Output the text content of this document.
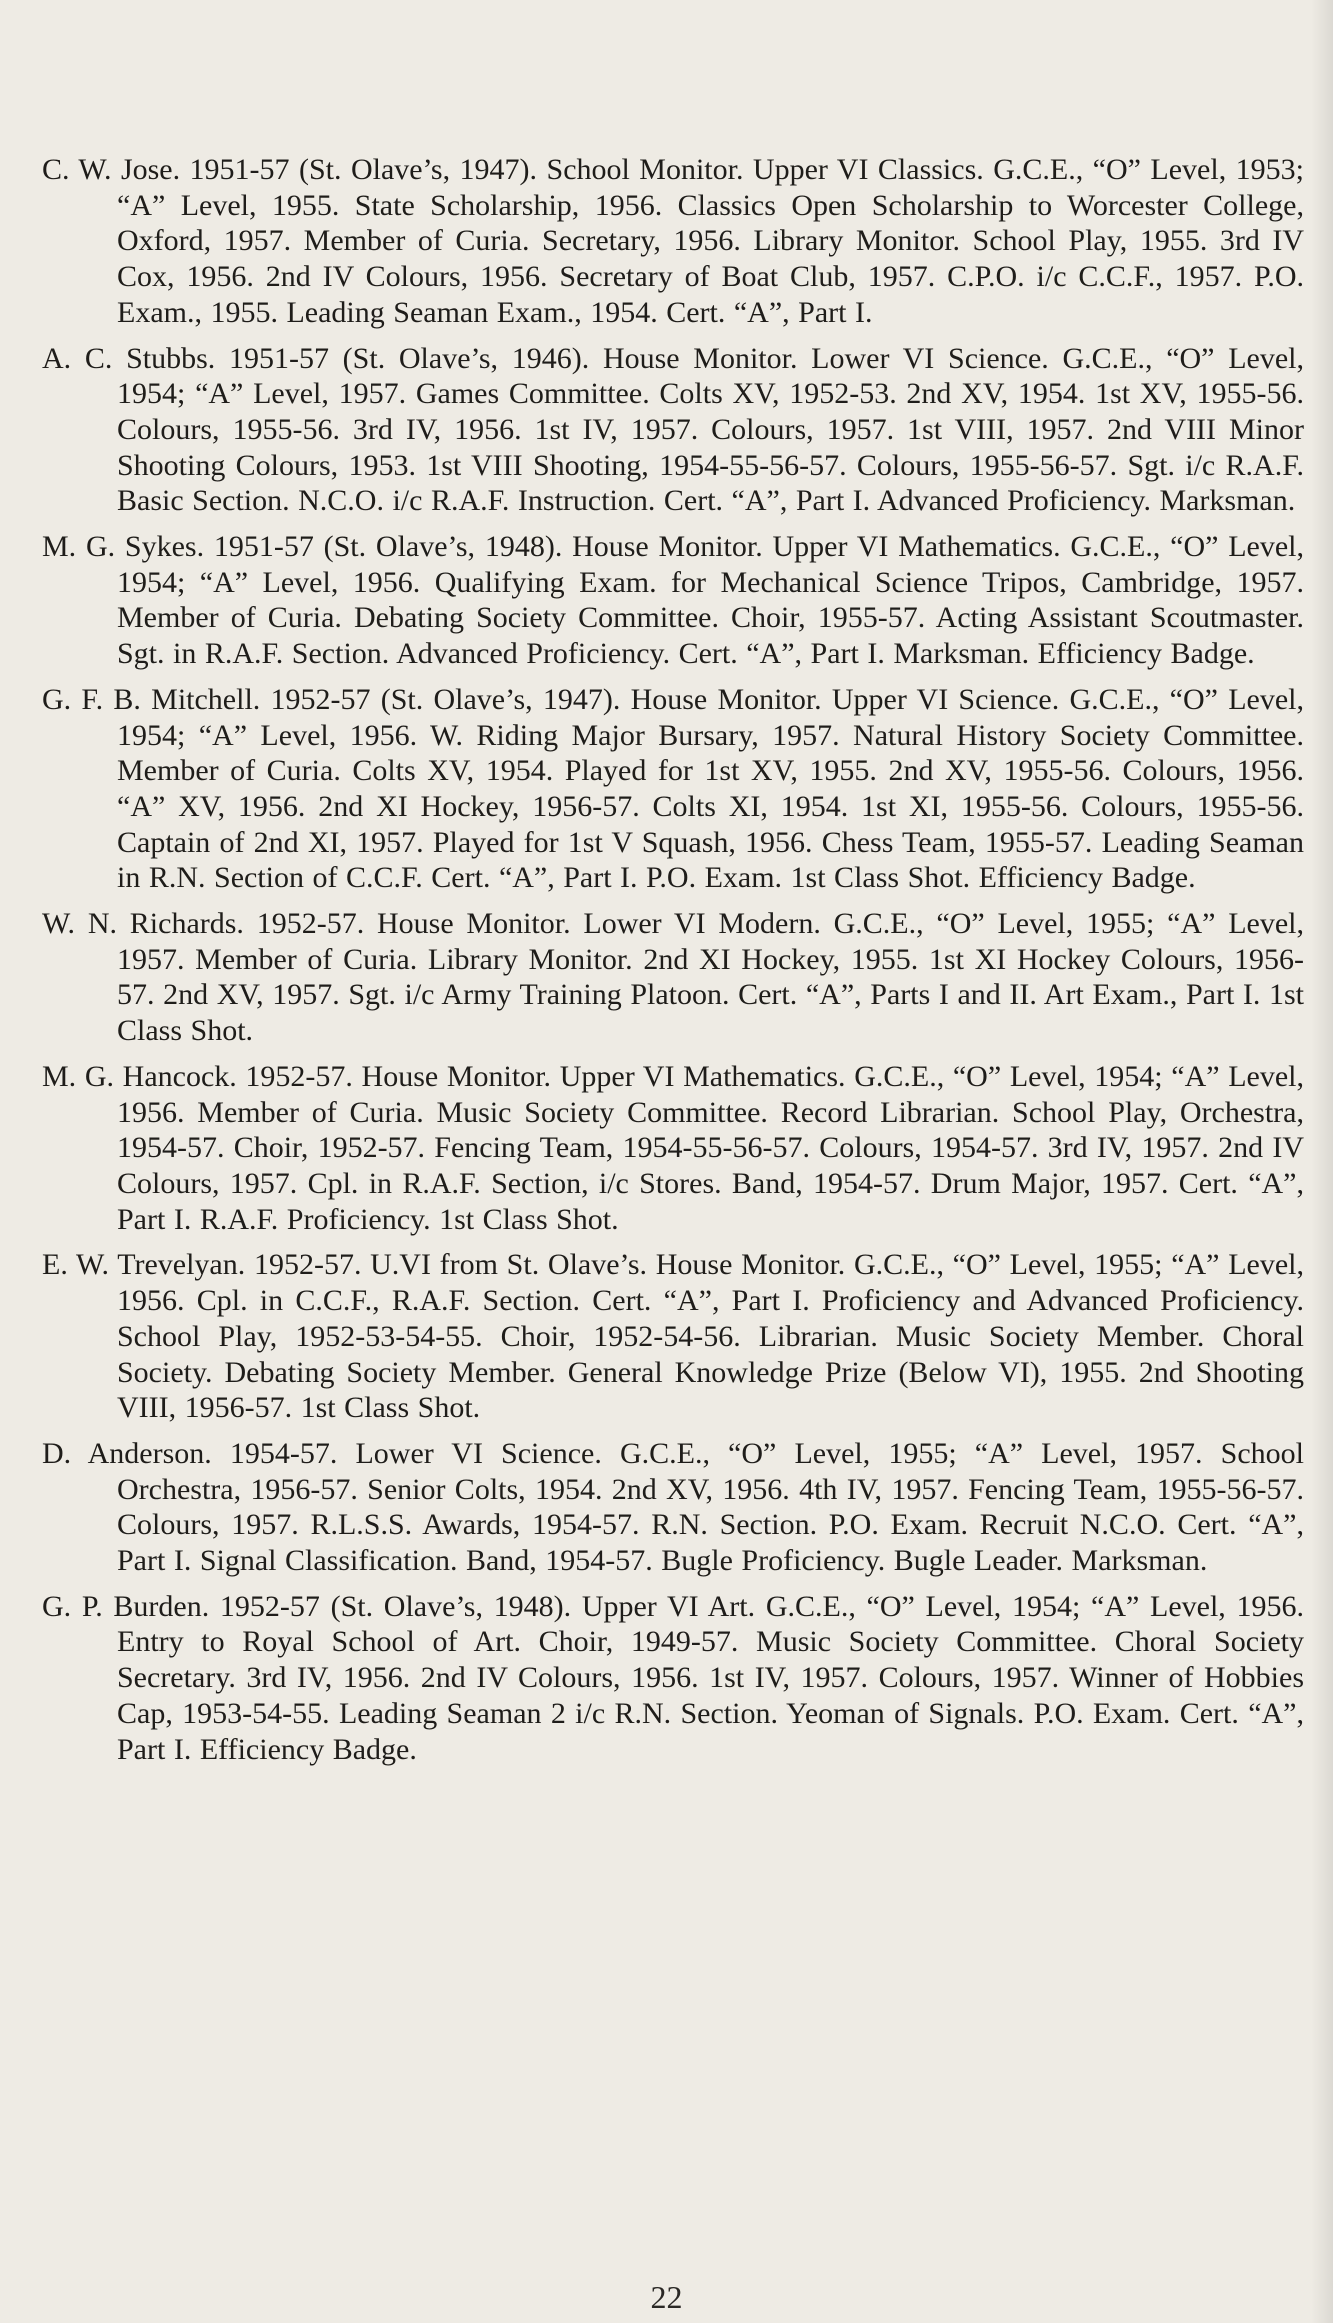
C. W. Jose. 1951-57 (St. Olave’s, 1947). School Monitor. Upper VI Classics. G.C.E., “O” Level, 1953; “A” Level, 1955. State Scholarship, 1956. Classics Open Scholarship to Worcester College, Oxford, 1957. Member of Curia. Secretary, 1956. Library Monitor. School Play, 1955. 3rd IV Cox, 1956. 2nd IV Colours, 1956. Secretary of Boat Club, 1957. C.P.O. i/c C.C.F., 1957. P.O. Exam., 1955. Leading Seaman Exam., 1954. Cert. “A”, Part I.

A. C. Stubbs. 1951-57 (St. Olave’s, 1946). House Monitor. Lower VI Science. G.C.E., “O” Level, 1954; “A” Level, 1957. Games Committee. Colts XV, 1952-53. 2nd XV, 1954. 1st XV, 1955-56. Colours, 1955-56. 3rd IV, 1956. 1st IV, 1957. Colours, 1957. 1st VIII, 1957. 2nd VIII Minor Shooting Colours, 1953. 1st VIII Shooting, 1954-55-56-57. Colours, 1955-56-57. Sgt. i/c R.A.F. Basic Section. N.C.O. i/c R.A.F. Instruction. Cert. “A”, Part I. Advanced Proficiency. Marksman.

M. G. Sykes. 1951-57 (St. Olave’s, 1948). House Monitor. Upper VI Mathematics. G.C.E., “O” Level, 1954; “A” Level, 1956. Qualifying Exam. for Mechanical Science Tripos, Cambridge, 1957. Member of Curia. Debating Society Committee. Choir, 1955-57. Acting Assistant Scoutmaster. Sgt. in R.A.F. Section. Advanced Proficiency. Cert. “A”, Part I. Marksman. Efficiency Badge.

G. F. B. Mitchell. 1952-57 (St. Olave’s, 1947). House Monitor. Upper VI Science. G.C.E., “O” Level, 1954; “A” Level, 1956. W. Riding Major Bursary, 1957. Natural History Society Committee. Member of Curia. Colts XV, 1954. Played for 1st XV, 1955. 2nd XV, 1955-56. Colours, 1956. “A” XV, 1956. 2nd XI Hockey, 1956-57. Colts XI, 1954. 1st XI, 1955-56. Colours, 1955-56. Captain of 2nd XI, 1957. Played for 1st V Squash, 1956. Chess Team, 1955-57. Leading Seaman in R.N. Section of C.C.F. Cert. “A”, Part I. P.O. Exam. 1st Class Shot. Efficiency Badge.

W. N. Richards. 1952-57. House Monitor. Lower VI Modern. G.C.E., “O” Level, 1955; “A” Level, 1957. Member of Curia. Library Monitor. 2nd XI Hockey, 1955. 1st XI Hockey Colours, 1956-57. 2nd XV, 1957. Sgt. i/c Army Training Platoon. Cert. “A”, Parts I and II. Art Exam., Part I. 1st Class Shot.

M. G. Hancock. 1952-57. House Monitor. Upper VI Mathematics. G.C.E., “O” Level, 1954; “A” Level, 1956. Member of Curia. Music Society Committee. Record Librarian. School Play, Orchestra, 1954-57. Choir, 1952-57. Fencing Team, 1954-55-56-57. Colours, 1954-57. 3rd IV, 1957. 2nd IV Colours, 1957. Cpl. in R.A.F. Section, i/c Stores. Band, 1954-57. Drum Major, 1957. Cert. “A”, Part I. R.A.F. Proficiency. 1st Class Shot.

E. W. Trevelyan. 1952-57. U.VI from St. Olave’s. House Monitor. G.C.E., “O” Level, 1955; “A” Level, 1956. Cpl. in C.C.F., R.A.F. Section. Cert. “A”, Part I. Proficiency and Advanced Proficiency. School Play, 1952-53-54-55. Choir, 1952-54-56. Librarian. Music Society Member. Choral Society. Debating Society Member. General Knowledge Prize (Below VI), 1955. 2nd Shooting VIII, 1956-57. 1st Class Shot.

D. Anderson. 1954-57. Lower VI Science. G.C.E., “O” Level, 1955; “A” Level, 1957. School Orchestra, 1956-57. Senior Colts, 1954. 2nd XV, 1956. 4th IV, 1957. Fencing Team, 1955-56-57. Colours, 1957. R.L.S.S. Awards, 1954-57. R.N. Section. P.O. Exam. Recruit N.C.O. Cert. “A”, Part I. Signal Classification. Band, 1954-57. Bugle Proficiency. Bugle Leader. Marksman.

G. P. Burden. 1952-57 (St. Olave’s, 1948). Upper VI Art. G.C.E., “O” Level, 1954; “A” Level, 1956. Entry to Royal School of Art. Choir, 1949-57. Music Society Committee. Choral Society Secretary. 3rd IV, 1956. 2nd IV Colours, 1956. 1st IV, 1957. Colours, 1957. Winner of Hobbies Cap, 1953-54-55. Leading Seaman 2 i/c R.N. Section. Yeoman of Signals. P.O. Exam. Cert. “A”, Part I. Efficiency Badge.

22
